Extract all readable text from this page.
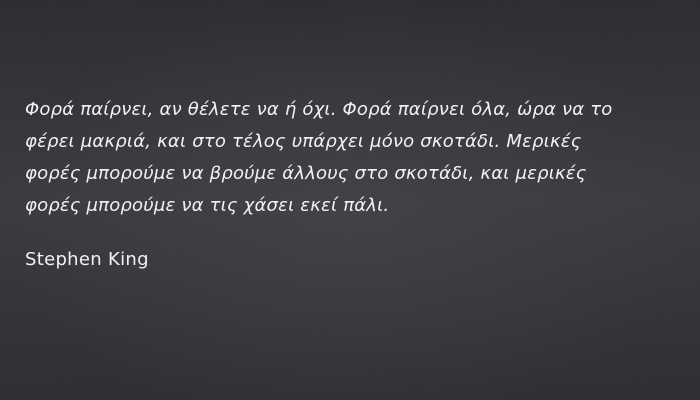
Φορά παίρνει, αν θέλετε να ή όχι. Φορά παίρνει όλα, ώρα να το φέρει μακριά, και στο τέλος υπάρχει μόνο σκοτάδι. Μερικές φορές μπορούμε να βρούμε άλλους στο σκοτάδι, και μερικές φορές μπορούμε να τις χάσει εκεί πάλι.

Stephen King
